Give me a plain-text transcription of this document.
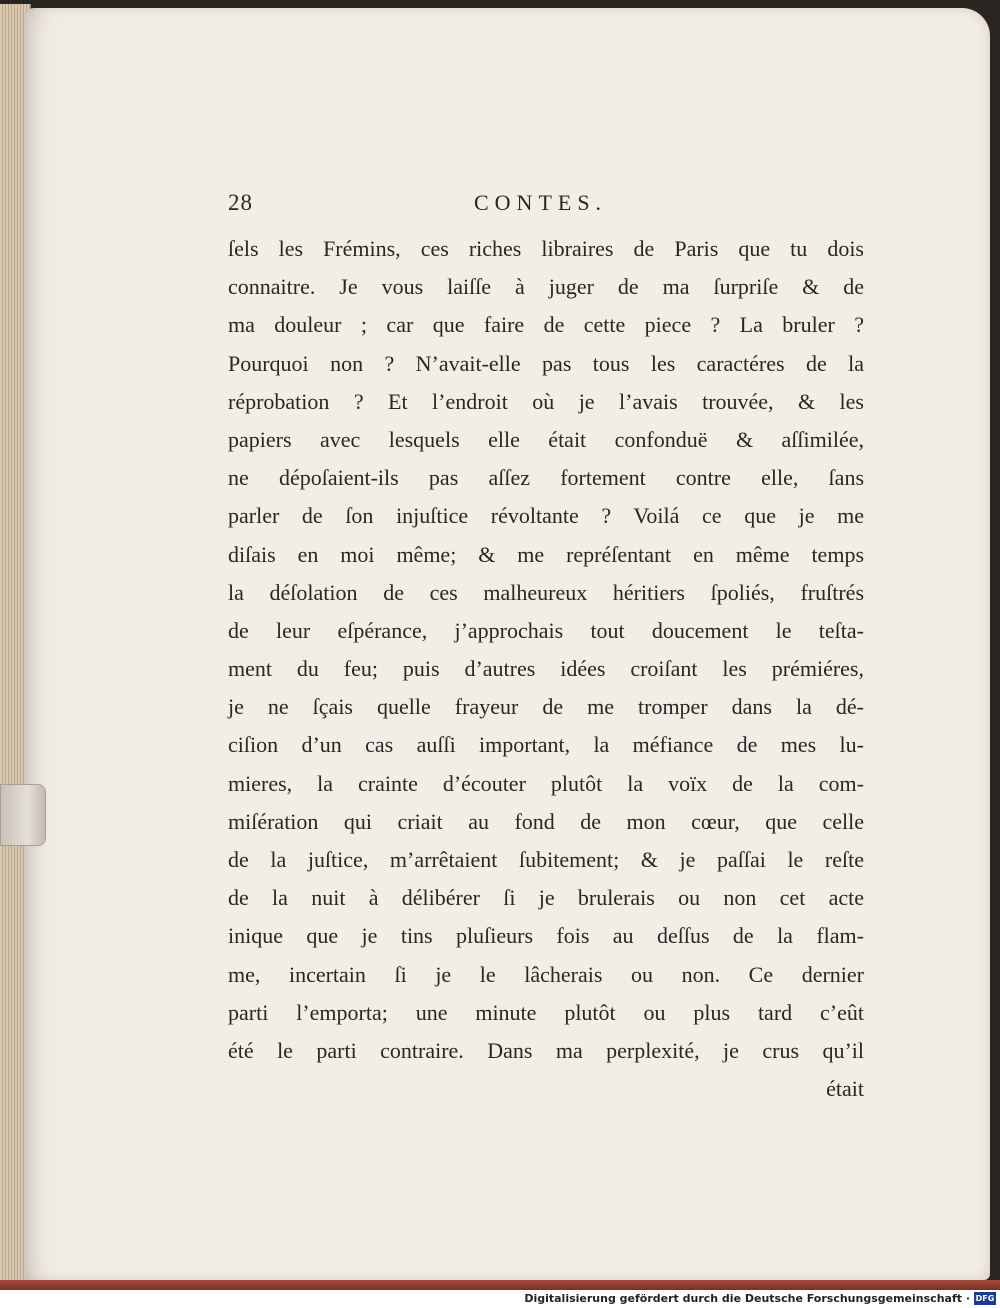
28	CONTES.
ſels les Frémins, ces riches libraires de Paris que tu dois
connaitre. Je vous laiſſe à juger de ma ſurpriſe & de
ma douleur ; car que faire de cette piece ? La bruler ?
Pourquoi non ? N’avait-elle pas tous les caractéres de la
réprobation ? Et l’endroit où je l’avais trouvée, & les
papiers avec lesquels elle était confonduë & aſſimilée,
ne dépoſaient-ils pas aſſez fortement contre elle, ſans
parler de ſon injuſtice révoltante ? Voilá ce que je me
diſais en moi même; & me repréſentant en même temps
la déſolation de ces malheureux héritiers ſpoliés, fruſtrés
de leur eſpérance, j’approchais tout doucement le teſta-
ment du feu; puis d’autres idées croiſant les prémiéres,
je ne ſçais quelle frayeur de me tromper dans la dé-
ciſion d’un cas auſſi important, la méfiance de mes lu-
mieres, la crainte d’écouter plutôt la voïx de la com-
miſération qui criait au fond de mon cœur, que celle
de la juſtice, m’arrêtaient ſubitement; & je paſſai le reſte
de la nuit à délibérer ſi je brulerais ou non cet acte
inique que je tins pluſieurs fois au deſſus de la flam-
me, incertain ſi je le lâcherais ou non. Ce dernier
parti l’emporta; une minute plutôt ou plus tard c’eût
été le parti contraire. Dans ma perplexité, je crus qu’il
était
Digitalisierung gefördert durch die Deutsche Forschungsgemeinschaft · DFG
